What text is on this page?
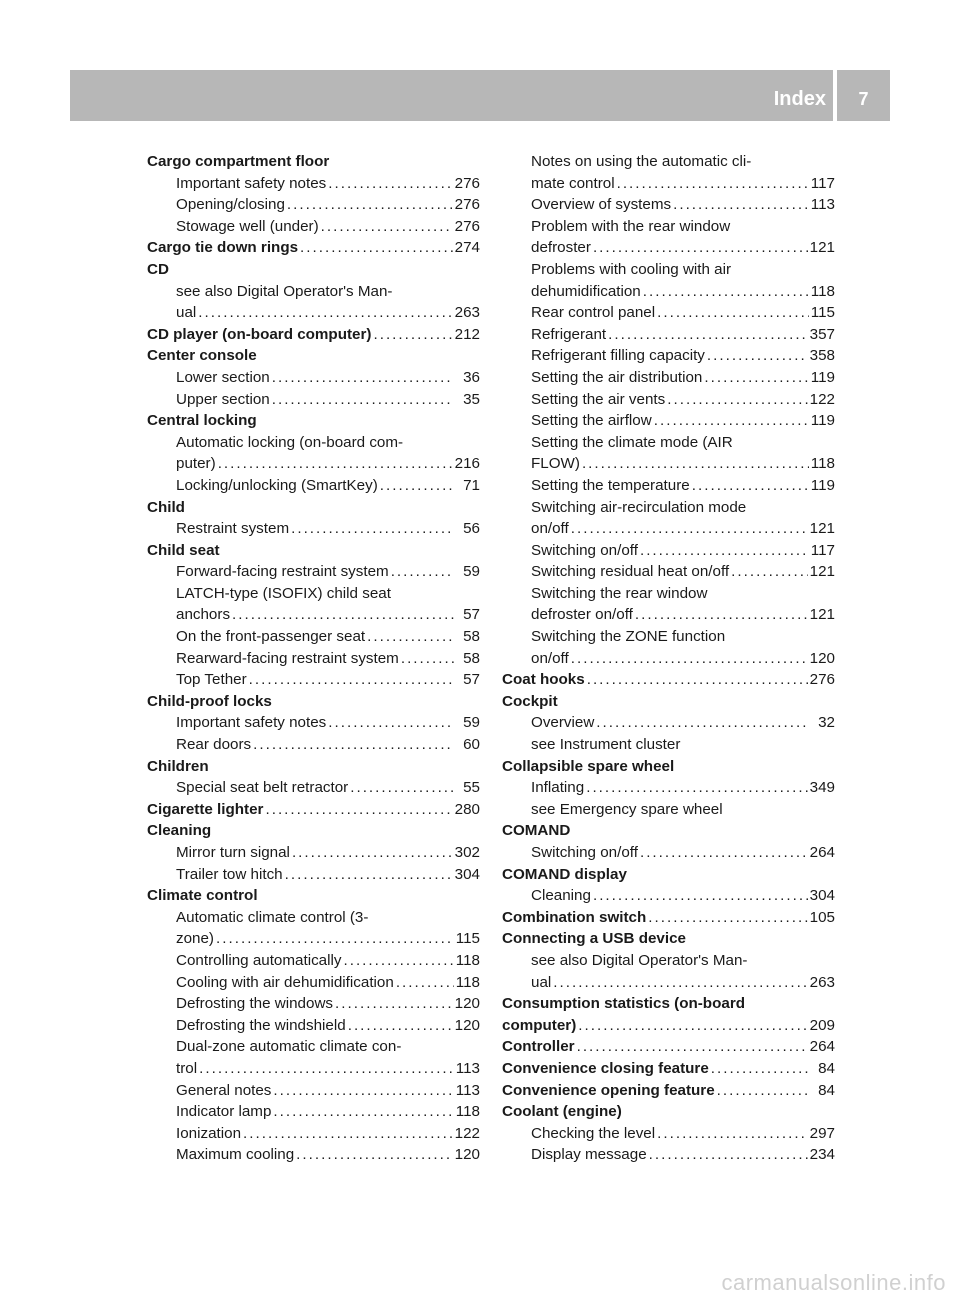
Index	7
Cargo compartment floor
Important safety notes . . .	276
Opening/closing . . .	276
Stowage well (under) . . .	276
Cargo tie down rings . . .	274
CD
see also Digital Operator's Man-
ual . . .	263
CD player (on-board computer) . . .	212
Center console
Lower section . . .	36
Upper section . . .	35
Central locking
Automatic locking (on-board com-
puter) . . .	216
Locking/unlocking (SmartKey) . . .	71
Child
Restraint system . . .	56
Child seat
Forward-facing restraint system . . .	59
LATCH-type (ISOFIX) child seat
anchors . . .	57
On the front-passenger seat . . .	58
Rearward-facing restraint system . . .	58
Top Tether . . .	57
Child-proof locks
Important safety notes . . .	59
Rear doors . . .	60
Children
Special seat belt retractor . . .	55
Cigarette lighter . . .	280
Cleaning
Mirror turn signal . . .	302
Trailer tow hitch . . .	304
Climate control
Automatic climate control (3-
zone) . . .	115
Controlling automatically . . .	118
Cooling with air dehumidification . . .	118
Defrosting the windows . . .	120
Defrosting the windshield . . .	120
Dual-zone automatic climate con-
trol . . .	113
General notes . . .	113
Indicator lamp . . .	118
Ionization . . .	122
Maximum cooling . . .	120
Notes on using the automatic cli-
mate control . . .	117
Overview of systems . . .	113
Problem with the rear window
defroster . . .	121
Problems with cooling with air
dehumidification . . .	118
Rear control panel . . .	115
Refrigerant . . .	357
Refrigerant filling capacity . . .	358
Setting the air distribution . . .	119
Setting the air vents . . .	122
Setting the airflow . . .	119
Setting the climate mode (AIR
FLOW) . . .	118
Setting the temperature . . .	119
Switching air-recirculation mode
on/off . . .	121
Switching on/off . . .	117
Switching residual heat on/off . . .	121
Switching the rear window
defroster on/off . . .	121
Switching the ZONE function
on/off . . .	120
Coat hooks . . .	276
Cockpit
Overview . . .	32
see Instrument cluster
Collapsible spare wheel
Inflating . . .	349
see Emergency spare wheel
COMAND
Switching on/off . . .	264
COMAND display
Cleaning . . .	304
Combination switch . . .	105
Connecting a USB device
see also Digital Operator's Man-
ual . . .	263
Consumption statistics (on-board
computer) . . .	209
Controller . . .	264
Convenience closing feature . . .	84
Convenience opening feature . . .	84
Coolant (engine)
Checking the level . . .	297
Display message . . .	234
carmanualsonline.info
